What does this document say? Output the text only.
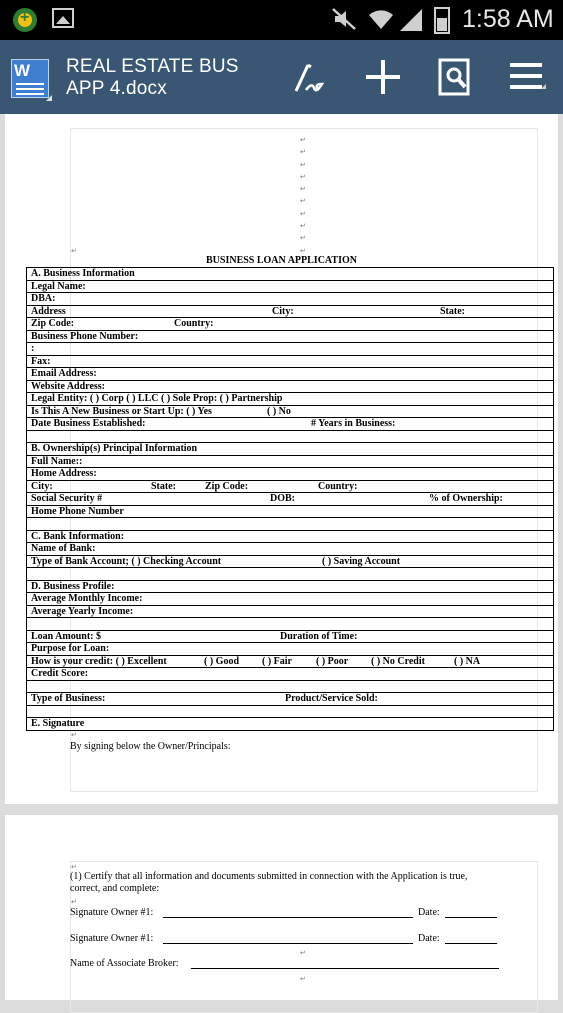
+
1:58 AM
W REAL ESTATE BUS
APP 4.docx
↵
↵
↵
↵
↵
↵
↵
↵
↵
↵
↵
BUSINESS LOAN APPLICATION
A. Business Information
Legal Name:
DBA:
Address	City:	State:
Zip Code:	Country:
Business Phone Number:
:
Fax:
Email Address:
Website Address:
Legal Entity: ( ) Corp ( ) LLC ( ) Sole Prop: ( ) Partnership
Is This A New Business or Start Up: ( ) Yes	( ) No
Date Business Established:	# Years in Business:
B. Ownership(s) Principal Information
Full Name::
Home Address:
City:	State:	Zip Code:	Country:
Social Security #	DOB:	% of Ownership:
Home Phone Number
C. Bank Information:
Name of Bank:
Type of Bank Account; ( ) Checking Account	( ) Saving Account
D. Business Profile:
Average Monthly Income:
Average Yearly Income:
Loan Amount: $	Duration of Time:
Purpose for Loan:
How is your credit: ( ) Excellent	( ) Good ( ) Fair ( ) Poor ( ) No Credit	( ) NA
Credit Score:
Type of Business:	Product/Service Sold:
E. Signature
↵
By signing below the Owner/Principals:
↵
(1) Certify that all information and documents submitted in connection with the Application is true,
correct, and complete:
↵
Signature Owner #1:	Date:
Signature Owner #1:	Date:
↵
Name of Associate Broker:
↵
